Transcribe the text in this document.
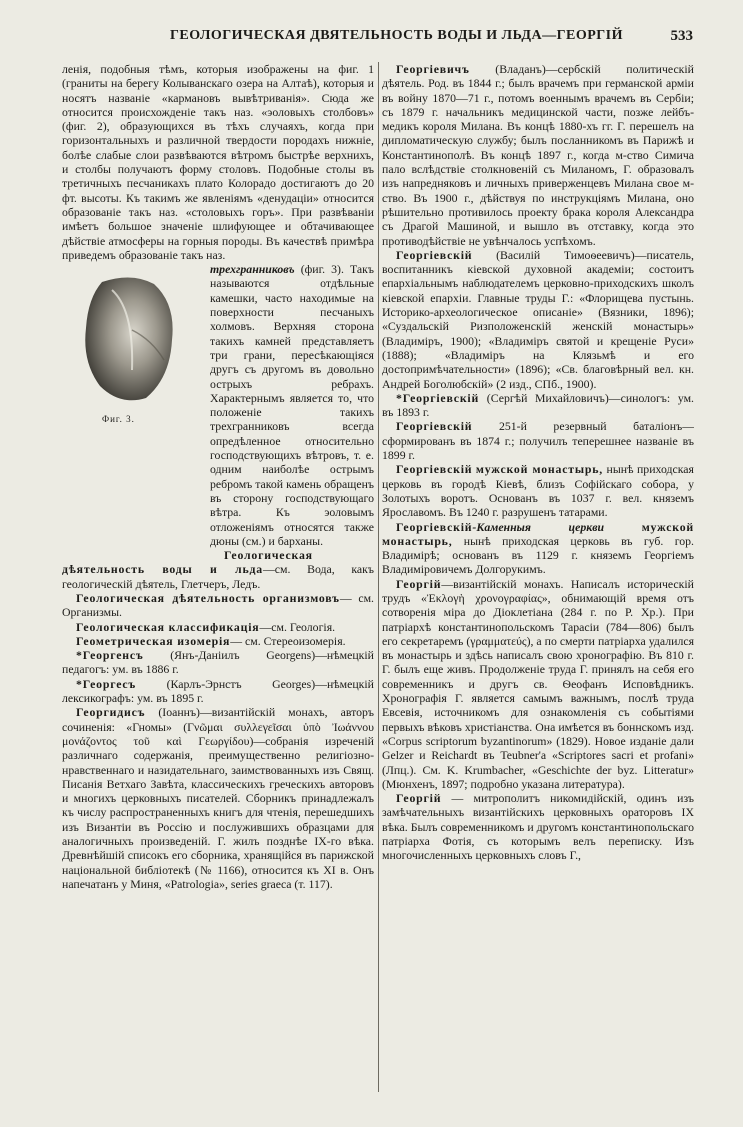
ГЕОЛОГИЧЕСКАЯ ДВЯТЕЛЬНОСТЬ ВОДЫ И ЛЬДА—ГЕОРГІЙ	533

ленія, подобныя тѣмъ, которыя изображены на фиг. 1 (граниты на берегу Колыванскаго озера на Алтаѣ), которыя и носятъ названіе «кармановъ вывѣтриванія». Сюда же относится происхожденіе такъ наз. «эоловыхъ столбовъ» (фиг. 2), образующихся въ тѣхъ случаяхъ, когда при горизонтальныхъ и различной твердости породахъ нижніе, болѣе слабые слои развѣваются вѣтромъ быстрѣе верхнихъ, и столбы получаютъ форму столовъ. Подобные столы въ третичныхъ песчаникахъ плато Колорадо достигаютъ до 20 фт. высоты. Къ такимъ же явленіямъ «денудаціи» относится образованіе такъ наз. «столовыхъ горъ». При развѣваніи имѣетъ большое значеніе шлифующее и обтачивающее дѣйствіе атмосферы на горныя породы. Въ качествѣ примѣра приведемъ образованіе такъ наз.

Фиг. 3.

трехгранниковъ (фиг. 3). Такъ называются отдѣльные камешки, часто находимые на поверхности песчаныхъ холмовъ. Верхняя сторона такихъ камней представляетъ три грани, пересѣкающіяся другъ съ другомъ въ довольно острыхъ ребрахъ. Характернымъ является то, что положеніе такихъ трехгранниковъ всегда опредѣленное относительно господствующихъ вѣтровъ, т. е. одним наиболѣе острымъ ребромъ такой камень обращенъ въ сторону господствующаго вѣтра. Къ эоловымъ отложеніямъ относятся также дюны (см.) и барханы.

Геологическая дѣятельность воды и льда—см. Вода, какъ геологическій дѣятель, Глетчеръ, Ледъ.

Геологическая дѣятельность организмовъ— см. Организмы.

Геологическая классификація—см. Геологія.

Геометрическая изомерія— см. Стереоизомерія.

*Георгенсъ (Янъ-Даніилъ Georgens)—нѣмецкій педагогъ: ум. въ 1886 г.

*Георгесъ	(Карлъ-Эрнстъ Georges)—нѣмецкій лексикографъ: ум. въ 1895 г.

Георгидисъ (Іоаннъ)—византійскій монахъ, авторъ сочиненія: «Гномы» (Γνῶμαι συλλεγεῖσαι ὑπὸ Ἰωάννου μονάζοντος τοῦ καὶ Γεωργίδου)—собранія изреченій различнаго содержанія, преимущественно религіозно-нравственнаго и назидательнаго, заимствованныхъ изъ Свящ. Писанія Ветхаго Завѣта, классическихъ греческихъ авторовъ и многихъ церковныхъ писателей. Сборникъ принадлежалъ къ числу распространенныхъ книгъ для чтенія, перешедшихъ изъ Византіи въ Россію и послужившихъ образцами для аналогичныхъ произведеній. Г. жилъ позднѣе IX-го вѣка. Древнѣйшій списокъ его сборника, хранящійся въ парижской національной библіотекѣ (№ 1166), относится къ XI в. Онъ напечатанъ у Миня, «Patrologia», series graeca (т. 117).

Георгіевичъ (Владанъ)—сербскій политическій дѣятель. Род. въ 1844 г.; былъ врачемъ при германской арміи въ войну 1870—71 г., потомъ военнымъ врачемъ въ Сербіи; съ 1879 г. начальникъ медицинской части, позже лейбъ-медикъ короля Милана. Въ концѣ 1880-хъ гг. Г. перешелъ на дипломатическую службу; былъ посланникомъ въ Парижѣ и Константинополѣ. Въ концѣ 1897 г., когда м-ство Симича пало вслѣдствіе столкновеній съ Миланомъ, Г. образовалъ изъ напредняковъ и личныхъ приверженцевъ Милана свое м-ство. Въ 1900 г., дѣйствуя по инструкціямъ Милана, оно рѣшительно противилось проекту брака короля Александра съ Драгой Машиной, и вышло въ отставку, когда это противодѣйствіе не увѣнчалось успѣхомъ.

Георгіевскій (Василій Тимоѳеевичъ)—писатель, воспитанникъ кіевской духовной академіи; состоитъ епархіальнымъ наблюдателемъ церковно-приходскихъ школъ кіевской епархіи. Главные труды Г.: «Флорищева пустынь. Историко-археологическое описаніе» (Вязники, 1896); «Суздальскій Ризположенскій женскій монастырь» (Владиміръ, 1900); «Владиміръ святой и крещеніе Руси» (1888); «Владиміръ на Клязьмѣ и его достопримѣчательности» (1896); «Св. благовѣрный вел. кн. Андрей Боголюбскій» (2 изд., СПб., 1900).

*Георгіевскій (Сергѣй Михайловичъ)—синологъ: ум. въ 1893 г.

Георгіевскій 251-й резервный баталіонъ—сформированъ въ 1874 г.; получилъ теперешнее названіе въ 1899 г.

Георгіевскій мужской монастырь, нынѣ приходская церковь въ городѣ Кіевѣ, близъ Софійскаго собора, у Золотыхъ воротъ. Основанъ въ 1037 г. вел. княземъ Ярославомъ. Въ 1240 г. разрушенъ татарами.

Георгіевскій-Каменныя церкви	мужской монастырь, нынѣ приходская церковь въ губ. гор. Владимірѣ; основанъ въ 1129 г. княземъ Георгіемъ Владиміровичемъ Долгорукимъ.

Георгій—византійскій монахъ. Написалъ историческій трудъ «Ἐκλογὴ χρονογραφίας», обнимающій время отъ сотворенія міра до Діоклетіана (284 г. по Р. Хр.). При патріархѣ константинопольскомъ Тарасіи (784—806) былъ его секретаремъ (γραμματεύς), а по смерти патріарха удалился въ монастырь и здѣсь написалъ свою хронографію. Въ 810 г. Г. былъ еще живъ. Продолженіе труда Г. принялъ на себя его современникъ и другъ св. Ѳеофанъ Исповѣдникъ. Хронографія Г. является самымъ важнымъ, послѣ труда Евсевія, источникомъ для ознакомленія съ событіями первыхъ вѣковъ христіанства. Она имѣется въ боннскомъ изд. «Corpus scriptorum byzantinorum» (1829). Новое изданіе дали Gelzer и Reichardt въ Teubner'а «Scriptores sacri et profani» (Лпц.). См. K. Krumbacher, «Geschichte der byz. Litteratur» (Мюнхенъ, 1897; подробно указана литература).

Георгій — митрополитъ никомидійскій, одинъ изъ замѣчательныхъ византійскихъ церковныхъ ораторовъ IX вѣка. Былъ современникомъ и другомъ константинопольскаго патріарха Фотія, съ которымъ велъ переписку. Изъ многочисленныхъ церковныхъ словъ Г.,
